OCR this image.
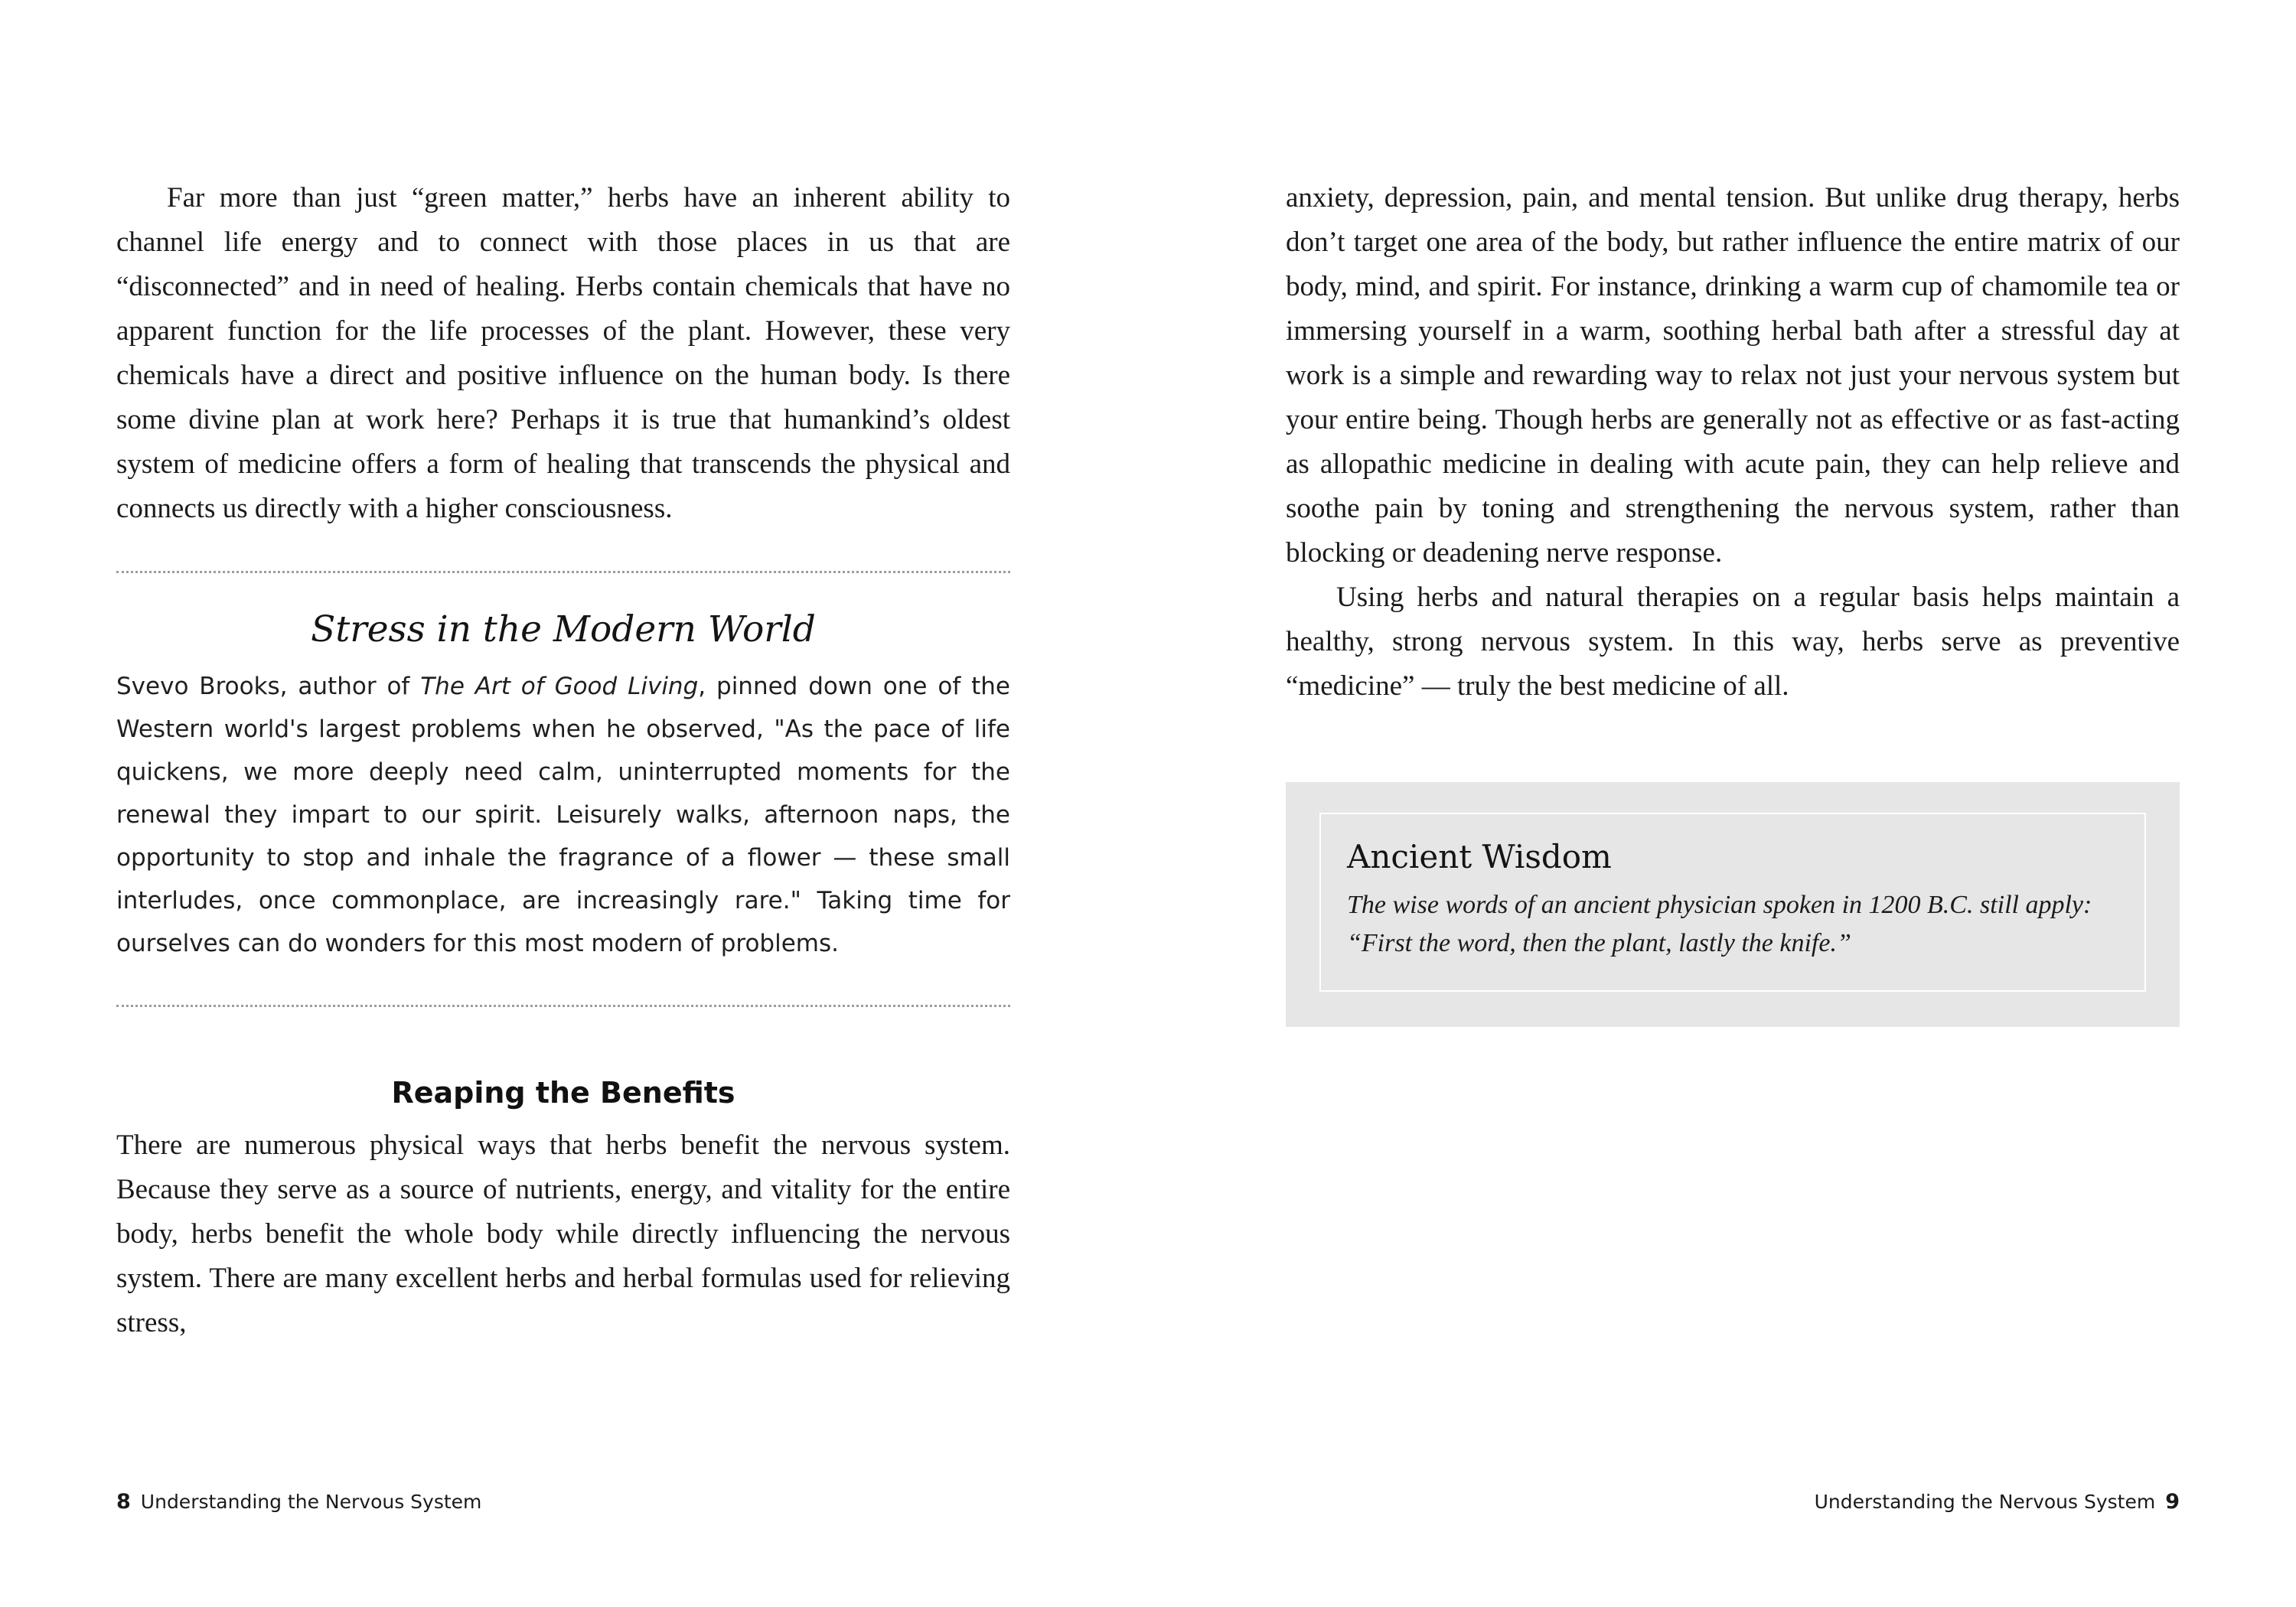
Far more than just “green matter,” herbs have an inherent ability to channel life energy and to connect with those places in us that are “disconnected” and in need of healing. Herbs contain chemicals that have no apparent function for the life processes of the plant. However, these very chemicals have a direct and positive influence on the human body. Is there some divine plan at work here? Perhaps it is true that humankind’s oldest system of medicine offers a form of healing that transcends the physical and connects us directly with a higher consciousness.

Stress in the Modern World

Svevo Brooks, author of The Art of Good Living, pinned down one of the Western world's largest problems when he observed, "As the pace of life quickens, we more deeply need calm, uninterrupted moments for the renewal they impart to our spirit. Leisurely walks, afternoon naps, the opportunity to stop and inhale the fragrance of a flower — these small interludes, once commonplace, are increasingly rare." Taking time for ourselves can do wonders for this most modern of problems.

Reaping the Benefits

There are numerous physical ways that herbs benefit the nervous system. Because they serve as a source of nutrients, energy, and vitality for the entire body, herbs benefit the whole body while directly influencing the nervous system. There are many excellent herbs and herbal formulas used for relieving stress,

8 Understanding the Nervous System

anxiety, depression, pain, and mental tension. But unlike drug therapy, herbs don’t target one area of the body, but rather influence the entire matrix of our body, mind, and spirit. For instance, drinking a warm cup of chamomile tea or immersing yourself in a warm, soothing herbal bath after a stressful day at work is a simple and rewarding way to relax not just your nervous system but your entire being. Though herbs are generally not as effective or as fast-acting as allopathic medicine in dealing with acute pain, they can help relieve and soothe pain by toning and strengthening the nervous system, rather than blocking or deadening nerve response.

Using herbs and natural therapies on a regular basis helps maintain a healthy, strong nervous system. In this way, herbs serve as preventive “medicine” — truly the best medicine of all.

Ancient Wisdom

The wise words of an ancient physician spoken in 1200 B.C. still apply: “First the word, then the plant, lastly the knife.”

Understanding the Nervous System 9
